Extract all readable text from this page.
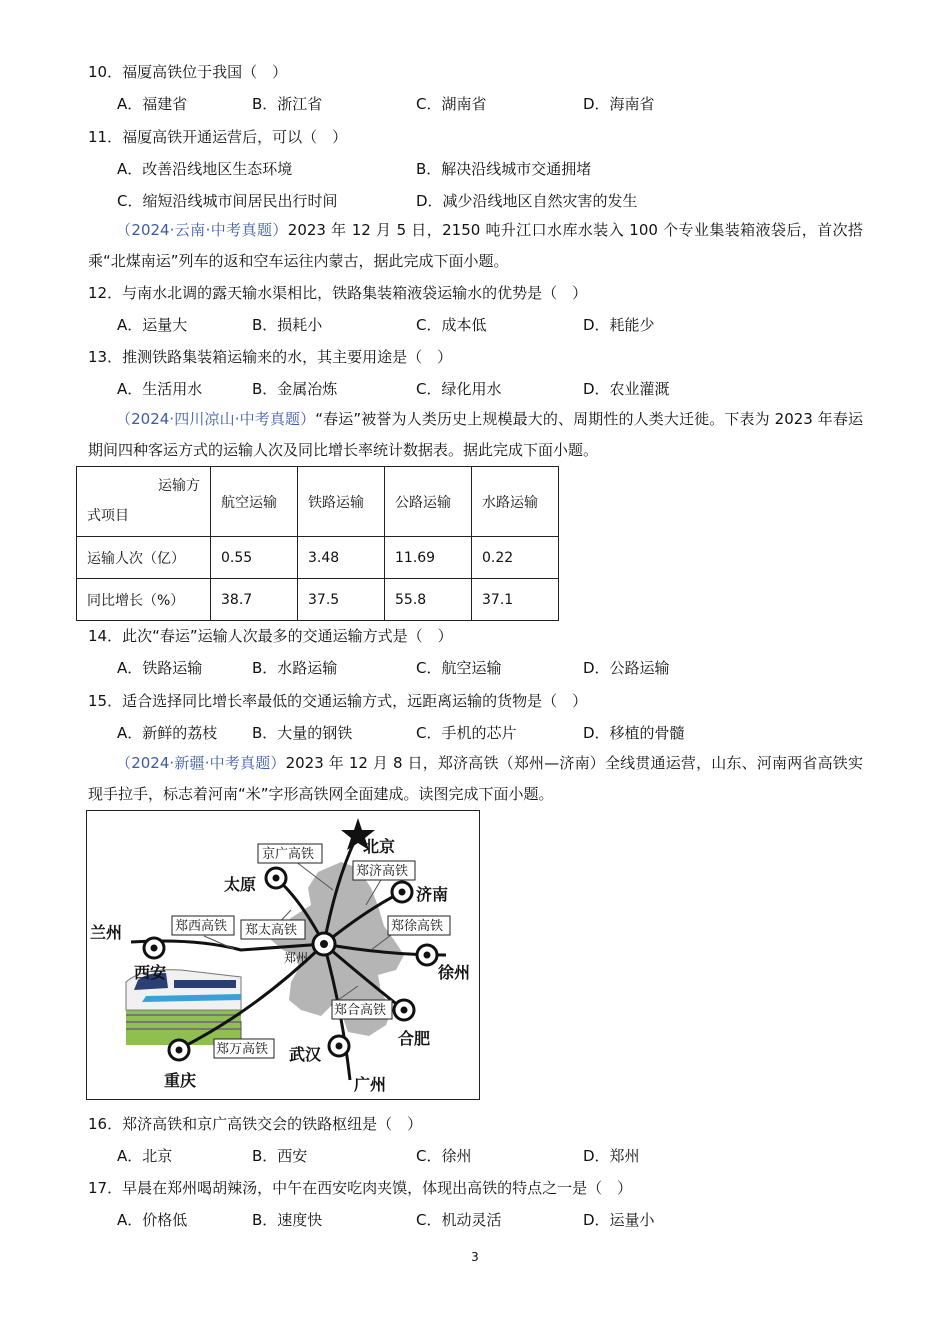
10．福厦高铁位于我国（　）
A．福建省	B．浙江省	C．湖南省	D．海南省
11．福厦高铁开通运营后，可以（　）
A．改善沿线地区生态环境	B．解决沿线城市交通拥堵
C．缩短沿线城市间居民出行时间	D．减少沿线地区自然灾害的发生
（2024·云南·中考真题）2023 年 12 月 5 日，2150 吨升江口水库水装入 100 个专业集装箱液袋后，首次搭乘“北煤南运”列车的返和空车运往内蒙古，据此完成下面小题。
12．与南水北调的露天输水渠相比，铁路集装箱液袋运输水的优势是（　）
A．运量大	B．损耗小	C．成本低	D．耗能少
13．推测铁路集装箱运输来的水，其主要用途是（　）
A．生活用水	B．金属冶炼	C．绿化用水	D．农业灌溉
（2024·四川凉山·中考真题）“春运”被誉为人类历史上规模最大的、周期性的人类大迁徙。下表为 2023 年春运期间四种客运方式的运输人次及同比增长率统计数据表。据此完成下面小题。
运输方
式项目	航空运输	铁路运输	公路运输	水路运输
运输人次（亿）	0.55	3.48	11.69	0.22
同比增长（%）	38.7	37.5	55.8	37.1
14．此次“春运”运输人次最多的交通运输方式是（　）
A．铁路运输	B．水路运输	C．航空运输	D．公路运输
15．适合选择同比增长率最低的交通运输方式，远距离运输的货物是（　）
A．新鲜的荔枝 B．大量的钢铁	C．手机的芯片	D．移植的骨髓
（2024·新疆·中考真题）2023 年 12 月 8 日，郑济高铁（郑州—济南）全线贯通运营，山东、河南两省高铁实现手拉手，标志着河南“米”字形高铁网全面建成。读图完成下面小题。
京广高铁
郑济高铁
郑西高铁 郑太高铁	郑徐高铁
郑合高铁
郑万高铁
北京
太原
济南
兰州
西安	徐州
合肥
武汉
重庆	广州
郑州
16．郑济高铁和京广高铁交会的铁路枢纽是（　）
A．北京	B．西安	C．徐州	D．郑州
17．早晨在郑州喝胡辣汤，中午在西安吃肉夹馍，体现出高铁的特点之一是（　）
A．价格低	B．速度快	C．机动灵活	D．运量小
3
